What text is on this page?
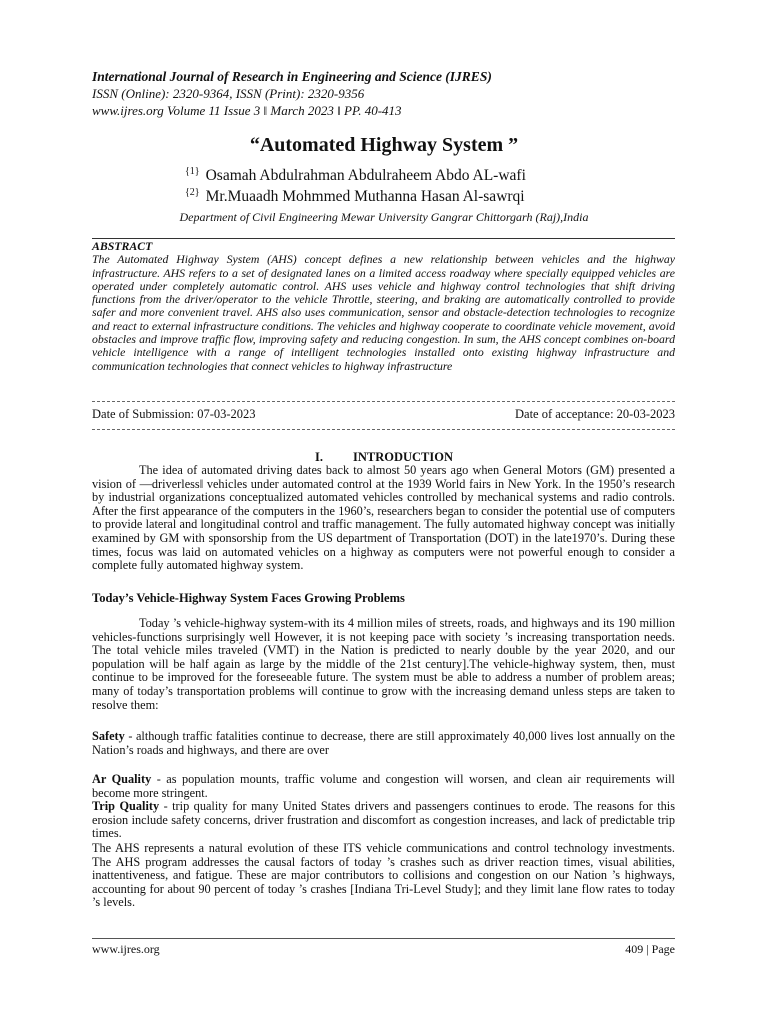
International Journal of Research in Engineering and Science (IJRES)
ISSN (Online): 2320-9364, ISSN (Print): 2320-9356
www.ijres.org Volume 11 Issue 3 ǁ March 2023 ǁ PP. 40-413
“Automated Highway System ”
$^{\{1\}}$ Osamah Abdulrahman Abdulraheem Abdo AL-wafi
$^{\{2\}}$ Mr.Muaadh Mohmmed Muthanna Hasan Al-sawrqi
Department of Civil Engineering Mewar University Gangrar Chittorgarh (Raj),India
ABSTRACT
The Automated Highway System (AHS) concept defines a new relationship between vehicles and the highway infrastructure. AHS refers to a set of designated lanes on a limited access roadway where specially equipped vehicles are operated under completely automatic control. AHS uses vehicle and highway control technologies that shift driving functions from the driver/operator to the vehicle Throttle, steering, and braking are automatically controlled to provide safer and more convenient travel. AHS also uses communication, sensor and obstacle-detection technologies to recognize and react to external infrastructure conditions. The vehicles and highway cooperate to coordinate vehicle movement, avoid obstacles and improve traffic flow, improving safety and reducing congestion. In sum, the AHS concept combines on-board vehicle intelligence with a range of intelligent technologies installed onto existing highway infrastructure and communication technologies that connect vehicles to highway infrastructure
Date of Submission: 07-03-2023	Date of acceptance: 20-03-2023
I. INTRODUCTION
The idea of automated driving dates back to almost 50 years ago when General Motors (GM) presented a vision of ―driverless‖ vehicles under automated control at the 1939 World fairs in New York. In the 1950’s research by industrial organizations conceptualized automated vehicles controlled by mechanical systems and radio controls. After the first appearance of the computers in the 1960’s, researchers began to consider the potential use of computers to provide lateral and longitudinal control and traffic management. The fully automated highway concept was initially examined by GM with sponsorship from the US department of Transportation (DOT) in the late1970’s. During these times, focus was laid on automated vehicles on a highway as computers were not powerful enough to consider a complete fully automated highway system.
Today’s Vehicle-Highway System Faces Growing Problems
Today ’s vehicle-highway system-with its 4 million miles of streets, roads, and highways and its 190 million vehicles-functions surprisingly well However, it is not keeping pace with society ’s increasing transportation needs. The total vehicle miles traveled (VMT) in the Nation is predicted to nearly double by the year 2020, and our population will be half again as large by the middle of the 21st century].The vehicle-highway system, then, must continue to be improved for the foreseeable future. The system must be able to address a number of problem areas; many of today’s transportation problems will continue to grow with the increasing demand unless steps are taken to resolve them:
Safety - although traffic fatalities continue to decrease, there are still approximately 40,000 lives lost annually on the Nation’s roads and highways, and there are over
Ar Quality - as population mounts, traffic volume and congestion will worsen, and clean air requirements will become more stringent.
Trip Quality - trip quality for many United States drivers and passengers continues to erode. The reasons for this erosion include safety concerns, driver frustration and discomfort as congestion increases, and lack of predictable trip times.
The AHS represents a natural evolution of these ITS vehicle communications and control technology investments. The AHS program addresses the causal factors of today ’s crashes such as driver reaction times, visual abilities, inattentiveness, and fatigue. These are major contributors to collisions and congestion on our Nation ’s highways, accounting for about 90 percent of today ’s crashes [Indiana Tri-Level Study]; and they limit lane flow rates to today ’s levels.
www.ijres.org	409 | Page
